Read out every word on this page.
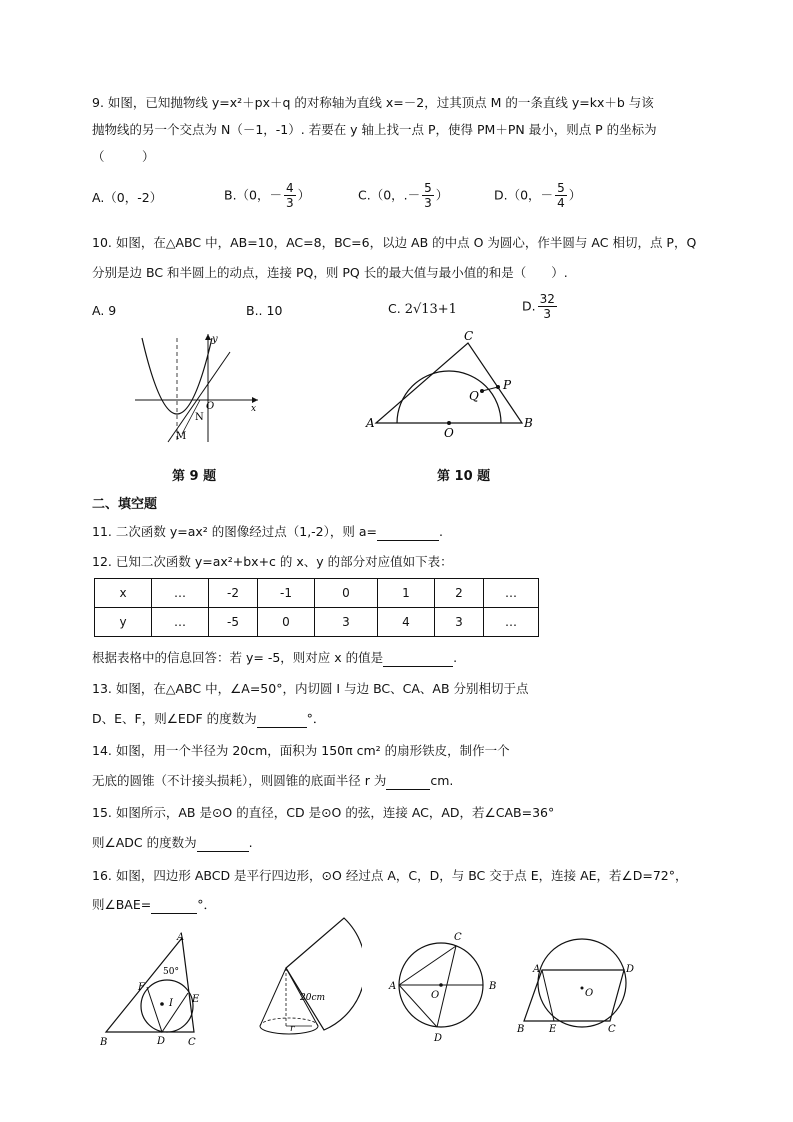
9. 如图，已知抛物线 y=x²＋px＋q 的对称轴为直线 x=－2，过其顶点 M 的一条直线 y=kx＋b 与该
抛物线的另一个交点为 N（－1，-1）. 若要在 y 轴上找一点 P，使得 PM＋PN 最小，则点 P 的坐标为
（　　　）
A.（0，-2）	B.（0，－ $\frac{4}{3}$ ）	C.（0，.－ $\frac{5}{3}$ ）	D.（0，－ $\frac{5}{4}$ ）
10. 如图，在△ABC 中，AB=10，AC=8，BC=6，以边 AB 的中点 O 为圆心，作半圆与 AC 相切，点 P，Q
分别是边 BC 和半圆上的动点，连接 PQ，则 PQ 长的最大值与最小值的和是（　　）.
A. 9	B.. 10	C. 2√13+1	D. $\frac{32}{3}$
y
x
O
N
M
第 9 题
A	B
C
O
P
Q
第 10 题
二、填空题
11. 二次函数 y=ax² 的图像经过点（1,-2），则 a=	.
12. 已知二次函数 y=ax²+bx+c 的 x、y 的部分对应值如下表：
x	…	-2	-1	0	1	2	…
y	…	-5	0	3	4	3	…
根据表格中的信息回答：若 y= -5，则对应 x 的值是	.
13. 如图，在△ABC 中，∠A=50°，内切圆 I 与边 BC、CA、AB 分别相切于点
D、E、F，则∠EDF 的度数为	°．
14. 如图，用一个半径为 20cm，面积为 150π cm² 的扇形铁皮，制作一个
无底的圆锥（不计接头损耗），则圆锥的底面半径 r 为	cm.
15. 如图所示，AB 是⊙O 的直径，CD 是⊙O 的弦，连接 AC，AD，若∠CAB=36°
则∠ADC 的度数为	.
16. 如图，四边形 ABCD 是平行四边形，⊙O 经过点 A，C，D，与 BC 交于点 E，连接 AE，若∠D=72°，
则∠BAE=	°．
A
B	C
D
E
F
I
50°
20cm
r
A	B
C
D
O
A	D
B E	C
O
